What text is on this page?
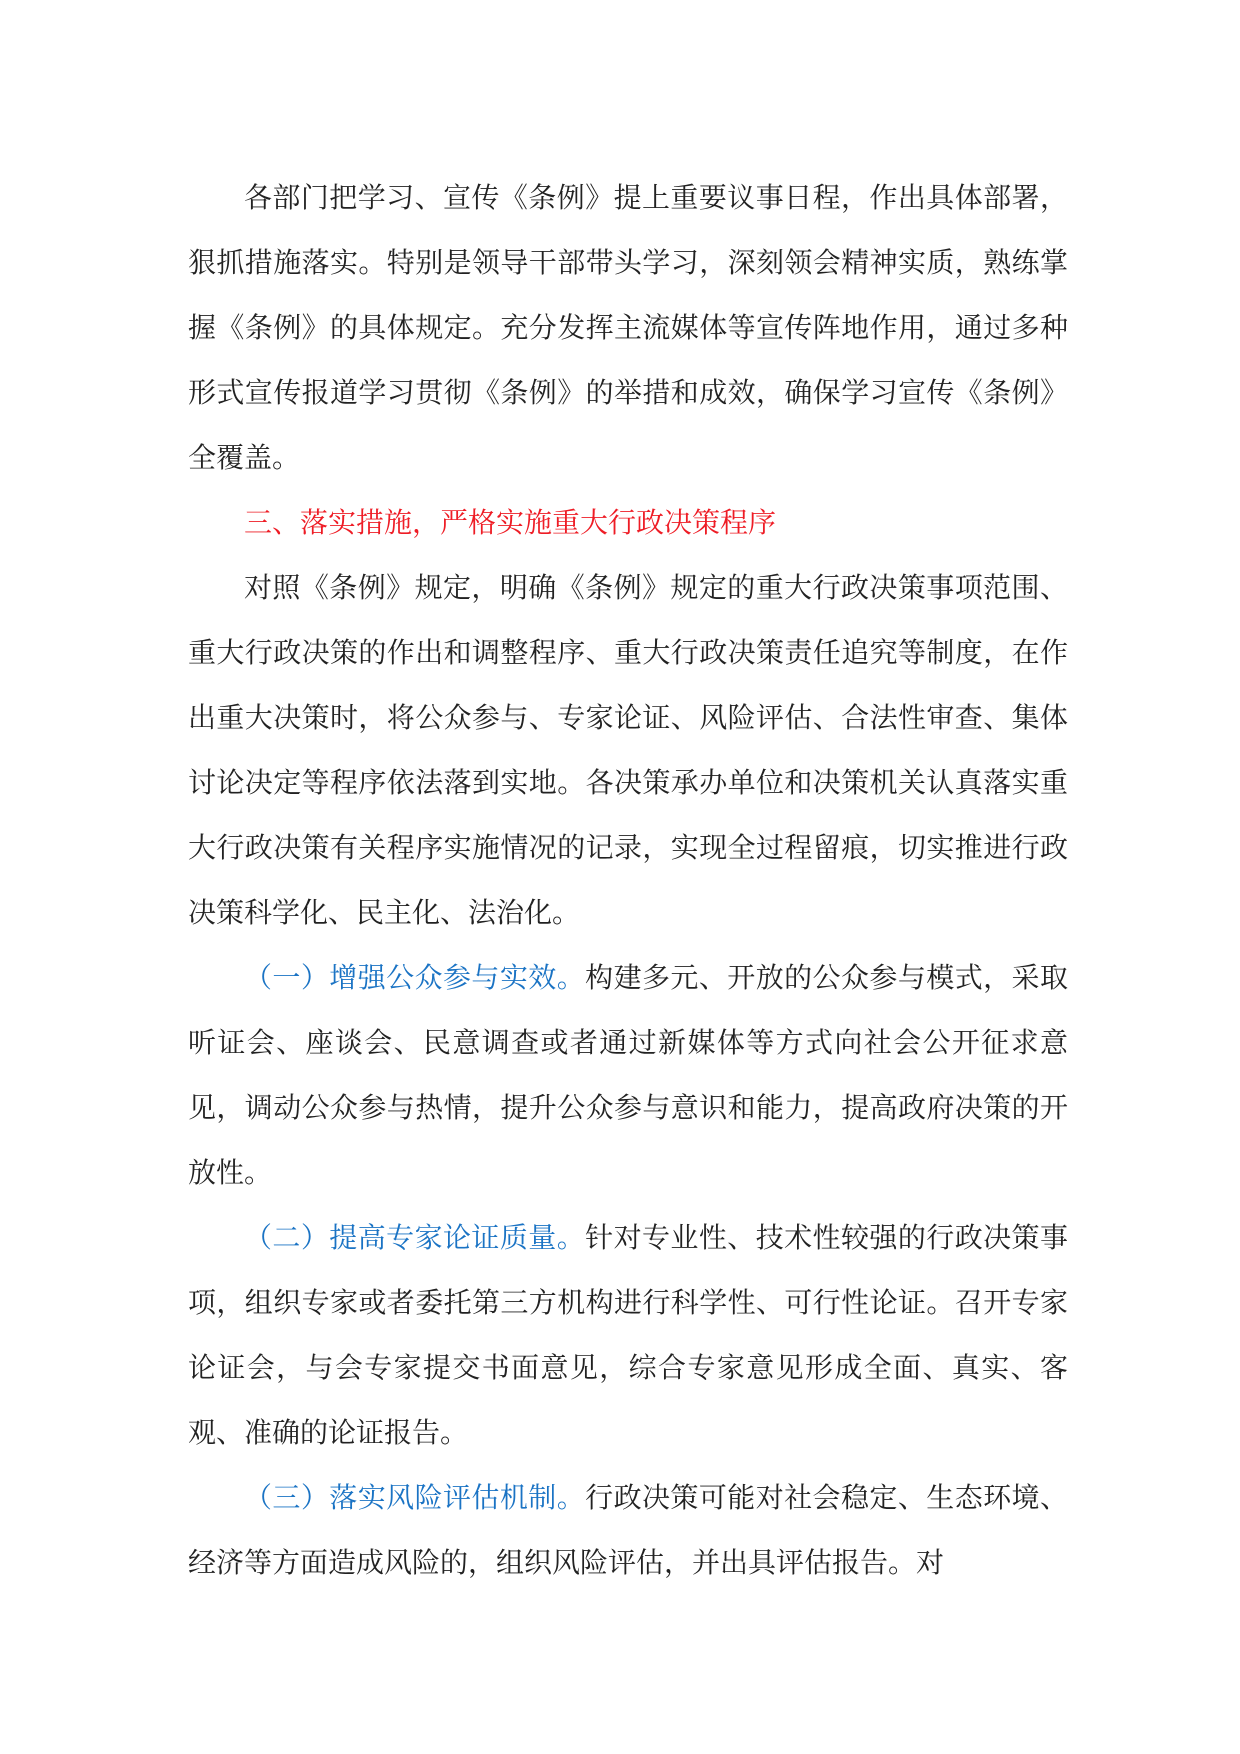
各部门把学习、宣传《条例》提上重要议事日程，作出具体部署，狠抓措施落实。特别是领导干部带头学习，深刻领会精神实质，熟练掌握《条例》的具体规定。充分发挥主流媒体等宣传阵地作用，通过多种形式宣传报道学习贯彻《条例》的举措和成效，确保学习宣传《条例》全覆盖。

三、落实措施，严格实施重大行政决策程序

对照《条例》规定，明确《条例》规定的重大行政决策事项范围、重大行政决策的作出和调整程序、重大行政决策责任追究等制度，在作出重大决策时，将公众参与、专家论证、风险评估、合法性审查、集体讨论决定等程序依法落到实地。各决策承办单位和决策机关认真落实重大行政决策有关程序实施情况的记录，实现全过程留痕，切实推进行政决策科学化、民主化、法治化。

（一）增强公众参与实效。构建多元、开放的公众参与模式，采取听证会、座谈会、民意调查或者通过新媒体等方式向社会公开征求意见，调动公众参与热情，提升公众参与意识和能力，提高政府决策的开放性。

（二）提高专家论证质量。针对专业性、技术性较强的行政决策事项，组织专家或者委托第三方机构进行科学性、可行性论证。召开专家论证会，与会专家提交书面意见，综合专家意见形成全面、真实、客观、准确的论证报告。

（三）落实风险评估机制。行政决策可能对社会稳定、生态环境、经济等方面造成风险的，组织风险评估，并出具评估报告。对
